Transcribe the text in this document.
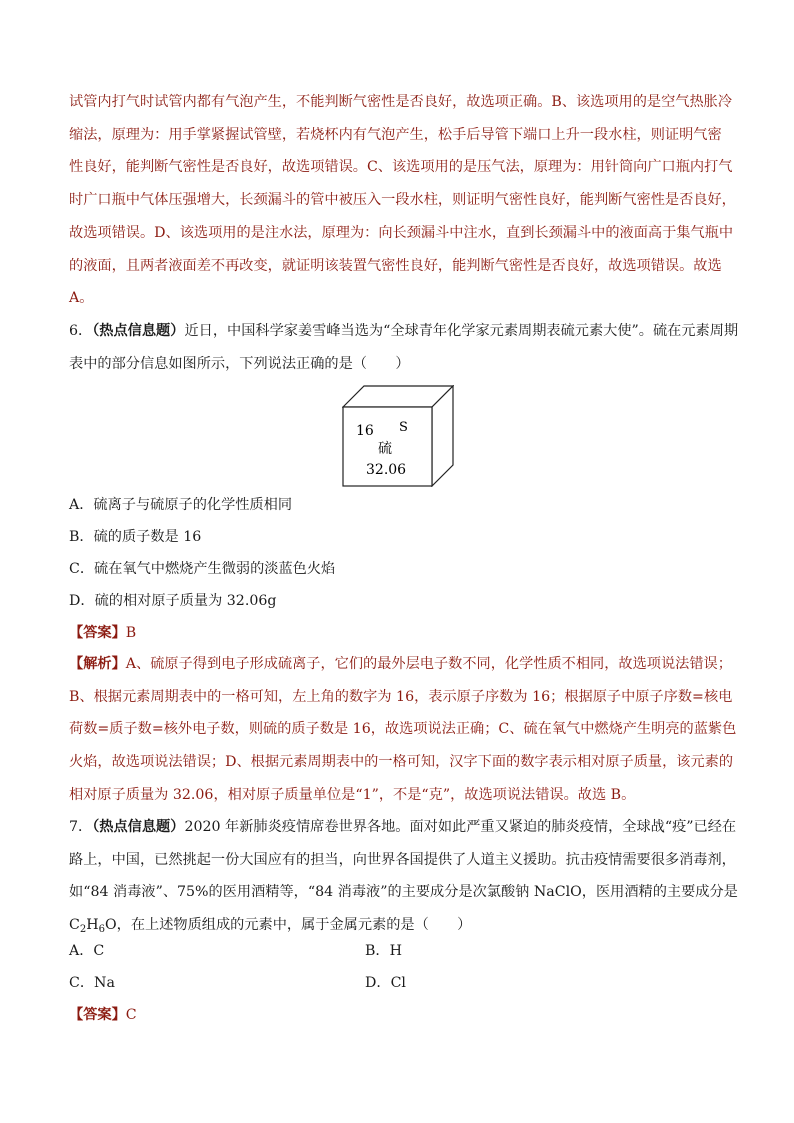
试管内打气时试管内都有气泡产生，不能判断气密性是否良好，故选项正确。B、该选项用的是空气热胀冷
缩法，原理为：用手掌紧握试管壁，若烧杯内有气泡产生，松手后导管下端口上升一段水柱，则证明气密
性良好，能判断气密性是否良好，故选项错误。C、该选项用的是压气法，原理为：用针筒向广口瓶内打气
时广口瓶中气体压强增大，长颈漏斗的管中被压入一段水柱，则证明气密性良好，能判断气密性是否良好，
故选项错误。D、该选项用的是注水法，原理为：向长颈漏斗中注水，直到长颈漏斗中的液面高于集气瓶中
的液面，且两者液面差不再改变，就证明该装置气密性良好，能判断气密性是否良好，故选项错误。故选
A。
6．（热点信息题）近日，中国科学家姜雪峰当选为“全球青年化学家元素周期表硫元素大使”。硫在元素周期
表中的部分信息如图所示，下列说法正确的是（　　）
16 S
硫
32.06
A．硫离子与硫原子的化学性质相同
B．硫的质子数是 16
C．硫在氧气中燃烧产生微弱的淡蓝色火焰
D．硫的相对原子质量为 32.06g
【答案】B
【解析】A、硫原子得到电子形成硫离子，它们的最外层电子数不同，化学性质不相同，故选项说法错误；
B、根据元素周期表中的一格可知，左上角的数字为 16，表示原子序数为 16；根据原子中原子序数=核电
荷数=质子数=核外电子数，则硫的质子数是 16，故选项说法正确；C、硫在氧气中燃烧产生明亮的蓝紫色
火焰，故选项说法错误；D、根据元素周期表中的一格可知，汉字下面的数字表示相对原子质量，该元素的
相对原子质量为 32.06，相对原子质量单位是“1”，不是“克”，故选项说法错误。故选 B。
7．（热点信息题）2020 年新肺炎疫情席卷世界各地。面对如此严重又紧迫的肺炎疫情，全球战“疫”已经在
路上，中国，已然挑起一份大国应有的担当，向世界各国提供了人道主义援助。抗击疫情需要很多消毒剂，
如“84 消毒液”、75%的医用酒精等，“84 消毒液”的主要成分是次氯酸钠 NaClO，医用酒精的主要成分是
$C_2H_6O$，在上述物质组成的元素中，属于金属元素的是（　　）
A．C	B．H
C．Na	D．Cl
【答案】C
